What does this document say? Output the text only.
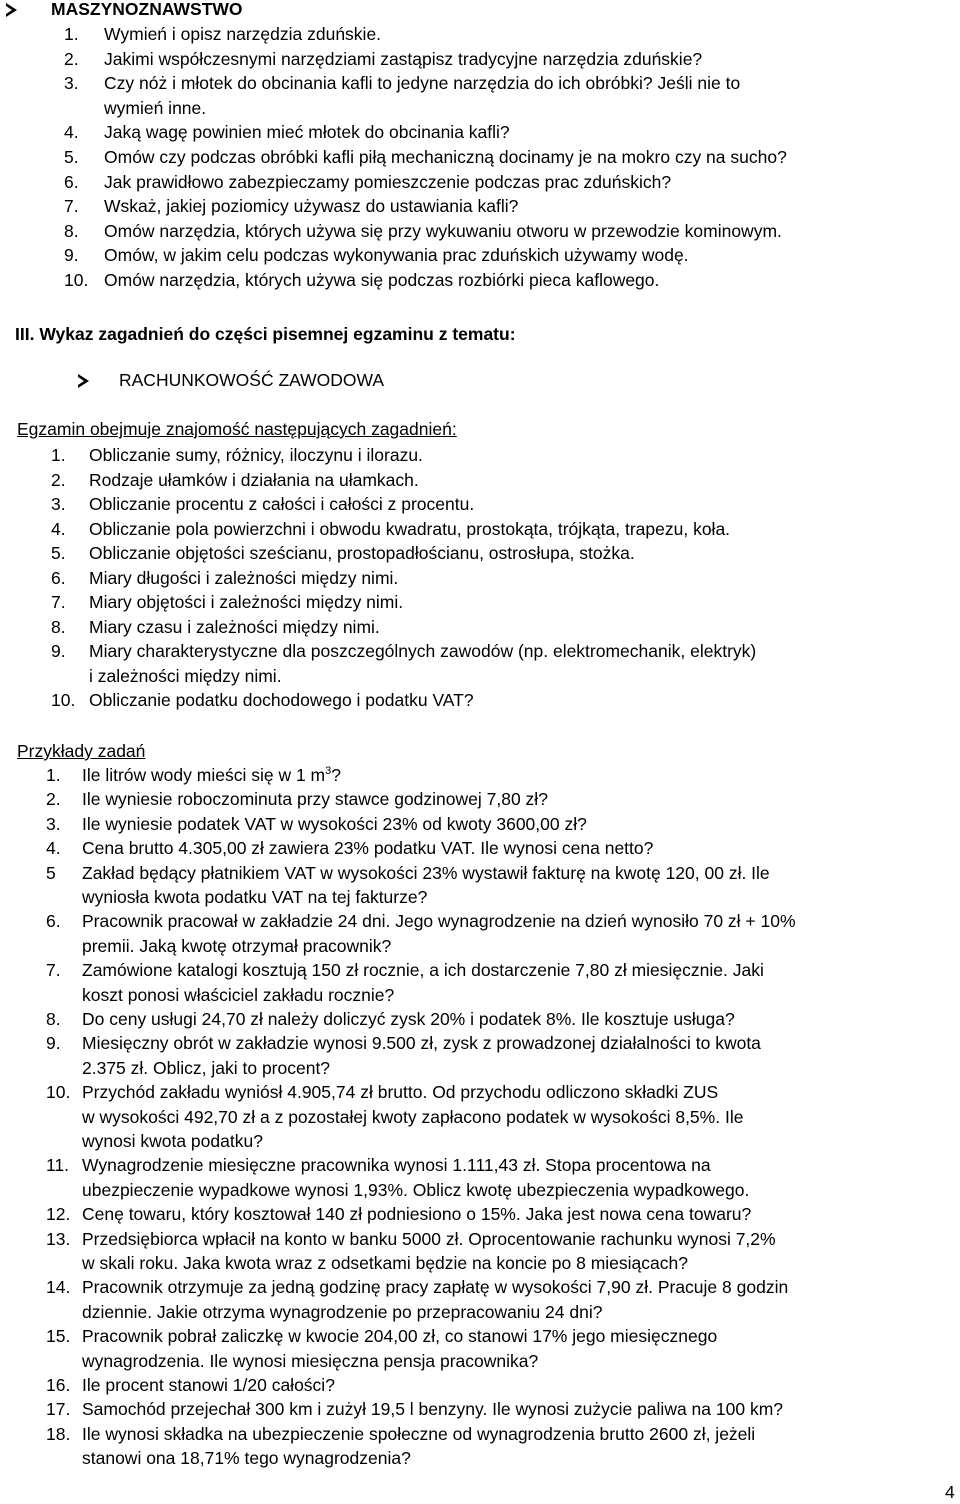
MASZYNOZNAWSTWO
1. Wymień i opisz narzędzia zduńskie.
2. Jakimi współczesnymi narzędziami zastąpisz tradycyjne narzędzia zduńskie?
3. Czy nóż i młotek do obcinania kafli to jedyne narzędzia do ich obróbki? Jeśli nie to
wymień inne.
4. Jaką wagę powinien mieć młotek do obcinania kafli?
5. Omów czy podczas obróbki kafli piłą mechaniczną docinamy je na mokro czy na sucho?
6. Jak prawidłowo zabezpieczamy pomieszczenie podczas prac zduńskich?
7. Wskaż, jakiej poziomicy używasz do ustawiania kafli?
8. Omów narzędzia, których używa się przy wykuwaniu otworu w przewodzie kominowym.
9. Omów, w jakim celu podczas wykonywania prac zduńskich używamy wodę.
10. Omów narzędzia, których używa się podczas rozbiórki pieca kaflowego.
III. Wykaz zagadnień do części pisemnej egzaminu z tematu:
RACHUNKOWOŚĆ ZAWODOWA
Egzamin obejmuje znajomość następujących zagadnień:
1. Obliczanie sumy, różnicy, iloczynu i ilorazu.
2. Rodzaje ułamków i działania na ułamkach.
3. Obliczanie procentu z całości i całości z procentu.
4. Obliczanie pola powierzchni i obwodu kwadratu, prostokąta, trójkąta, trapezu, koła.
5. Obliczanie objętości sześcianu, prostopadłościanu, ostrosłupa, stożka.
6. Miary długości i zależności między nimi.
7. Miary objętości i zależności między nimi.
8. Miary czasu i zależności między nimi.
9. Miary charakterystyczne dla poszczególnych zawodów (np. elektromechanik, elektryk)
i zależności między nimi.
10. Obliczanie podatku dochodowego i podatku VAT?
Przykłady zadań
1.
2. Ile wyniesie roboczominuta przy stawce godzinowej 7,80 zł?
3. Ile wyniesie podatek VAT w wysokości 23% od kwoty 3600,00 zł?
4. Cena brutto 4.305,00 zł zawiera 23% podatku VAT. Ile wynosi cena netto?
5 Zakład będący płatnikiem VAT w wysokości 23% wystawił fakturę na kwotę 120, 00 zł. Ile
wyniosła kwota podatku VAT na tej fakturze?
6. Pracownik pracował w zakładzie 24 dni. Jego wynagrodzenie na dzień wynosiło 70 zł + 10%
premii. Jaką kwotę otrzymał pracownik?
7. Zamówione katalogi kosztują 150 zł rocznie, a ich dostarczenie 7,80 zł miesięcznie. Jaki
koszt ponosi właściciel zakładu rocznie?
8. Do ceny usługi 24,70 zł należy doliczyć zysk 20% i podatek 8%. Ile kosztuje usługa?
9. Miesięczny obrót w zakładzie wynosi 9.500 zł, zysk z prowadzonej działalności to kwota
2.375 zł. Oblicz, jaki to procent?
10. Przychód zakładu wyniósł 4.905,74 zł brutto. Od przychodu odliczono składki ZUS
w wysokości 492,70 zł a z pozostałej kwoty zapłacono podatek w wysokości 8,5%. Ile
wynosi kwota podatku?
11. Wynagrodzenie miesięczne pracownika wynosi 1.111,43 zł. Stopa procentowa na
ubezpieczenie wypadkowe wynosi 1,93%. Oblicz kwotę ubezpieczenia wypadkowego.
12. Cenę towaru, który kosztował 140 zł podniesiono o 15%. Jaka jest nowa cena towaru?
13. Przedsiębiorca wpłacił na konto w banku 5000 zł. Oprocentowanie rachunku wynosi 7,2%
w skali roku. Jaka kwota wraz z odsetkami będzie na koncie po 8 miesiącach?
14. Pracownik otrzymuje za jedną godzinę pracy zapłatę w wysokości 7,90 zł. Pracuje 8 godzin
dziennie. Jakie otrzyma wynagrodzenie po przepracowaniu 24 dni?
15. Pracownik pobrał zaliczkę w kwocie 204,00 zł, co stanowi 17% jego miesięcznego
wynagrodzenia. Ile wynosi miesięczna pensja pracownika?
16. Ile procent stanowi 1/20 całości?
17. Samochód przejechał 300 km i zużył 19,5 l benzyny. Ile wynosi zużycie paliwa na 100 km?
18. Ile wynosi składka na ubezpieczenie społeczne od wynagrodzenia brutto 2600 zł, jeżeli
stanowi ona 18,71% tego wynagrodzenia?
Ile litrów wody mieści się w 1 $m^3$?
4
